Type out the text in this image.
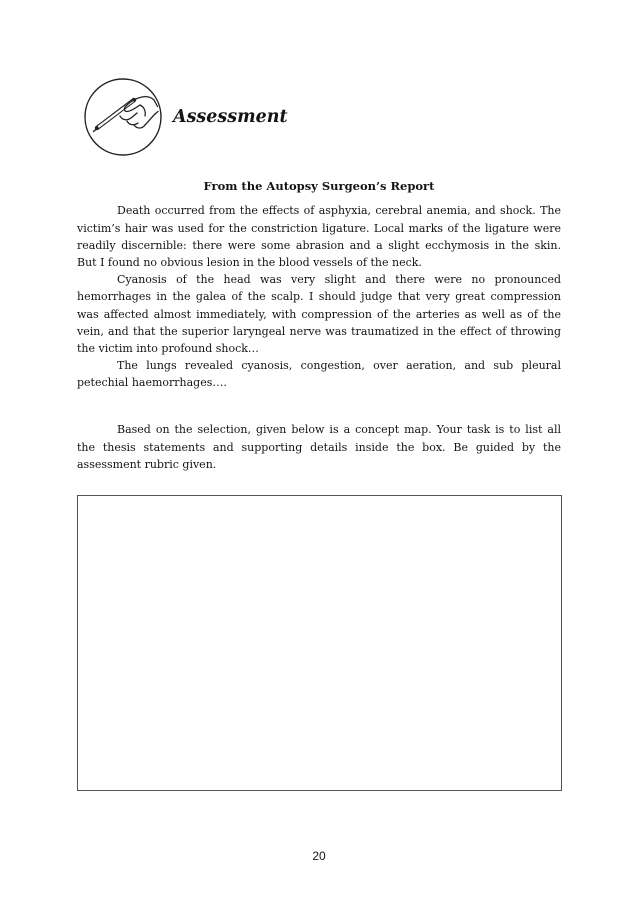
Assessment
From the Autopsy Surgeon’s Report
Death occurred from the effects of asphyxia, cerebral anemia, and shock. The
victim’s hair was used for the constriction ligature. Local marks of the ligature were
readily discernible: there were some abrasion and a slight ecchymosis in the skin.
But I found no obvious lesion in the blood vessels of the neck.
Cyanosis of the head was very slight and there were no pronounced
hemorrhages in the galea of the scalp. I should judge that very great compression
was affected almost immediately, with compression of the arteries as well as of the
vein, and that the superior laryngeal nerve was traumatized in the effect of throwing
the victim into profound shock…
The lungs revealed cyanosis, congestion, over aeration, and sub pleural
petechial haemorrhages….
Based on the selection, given below is a concept map. Your task is to list all
the thesis statements and supporting details inside the box. Be guided by the
assessment rubric given.
20
